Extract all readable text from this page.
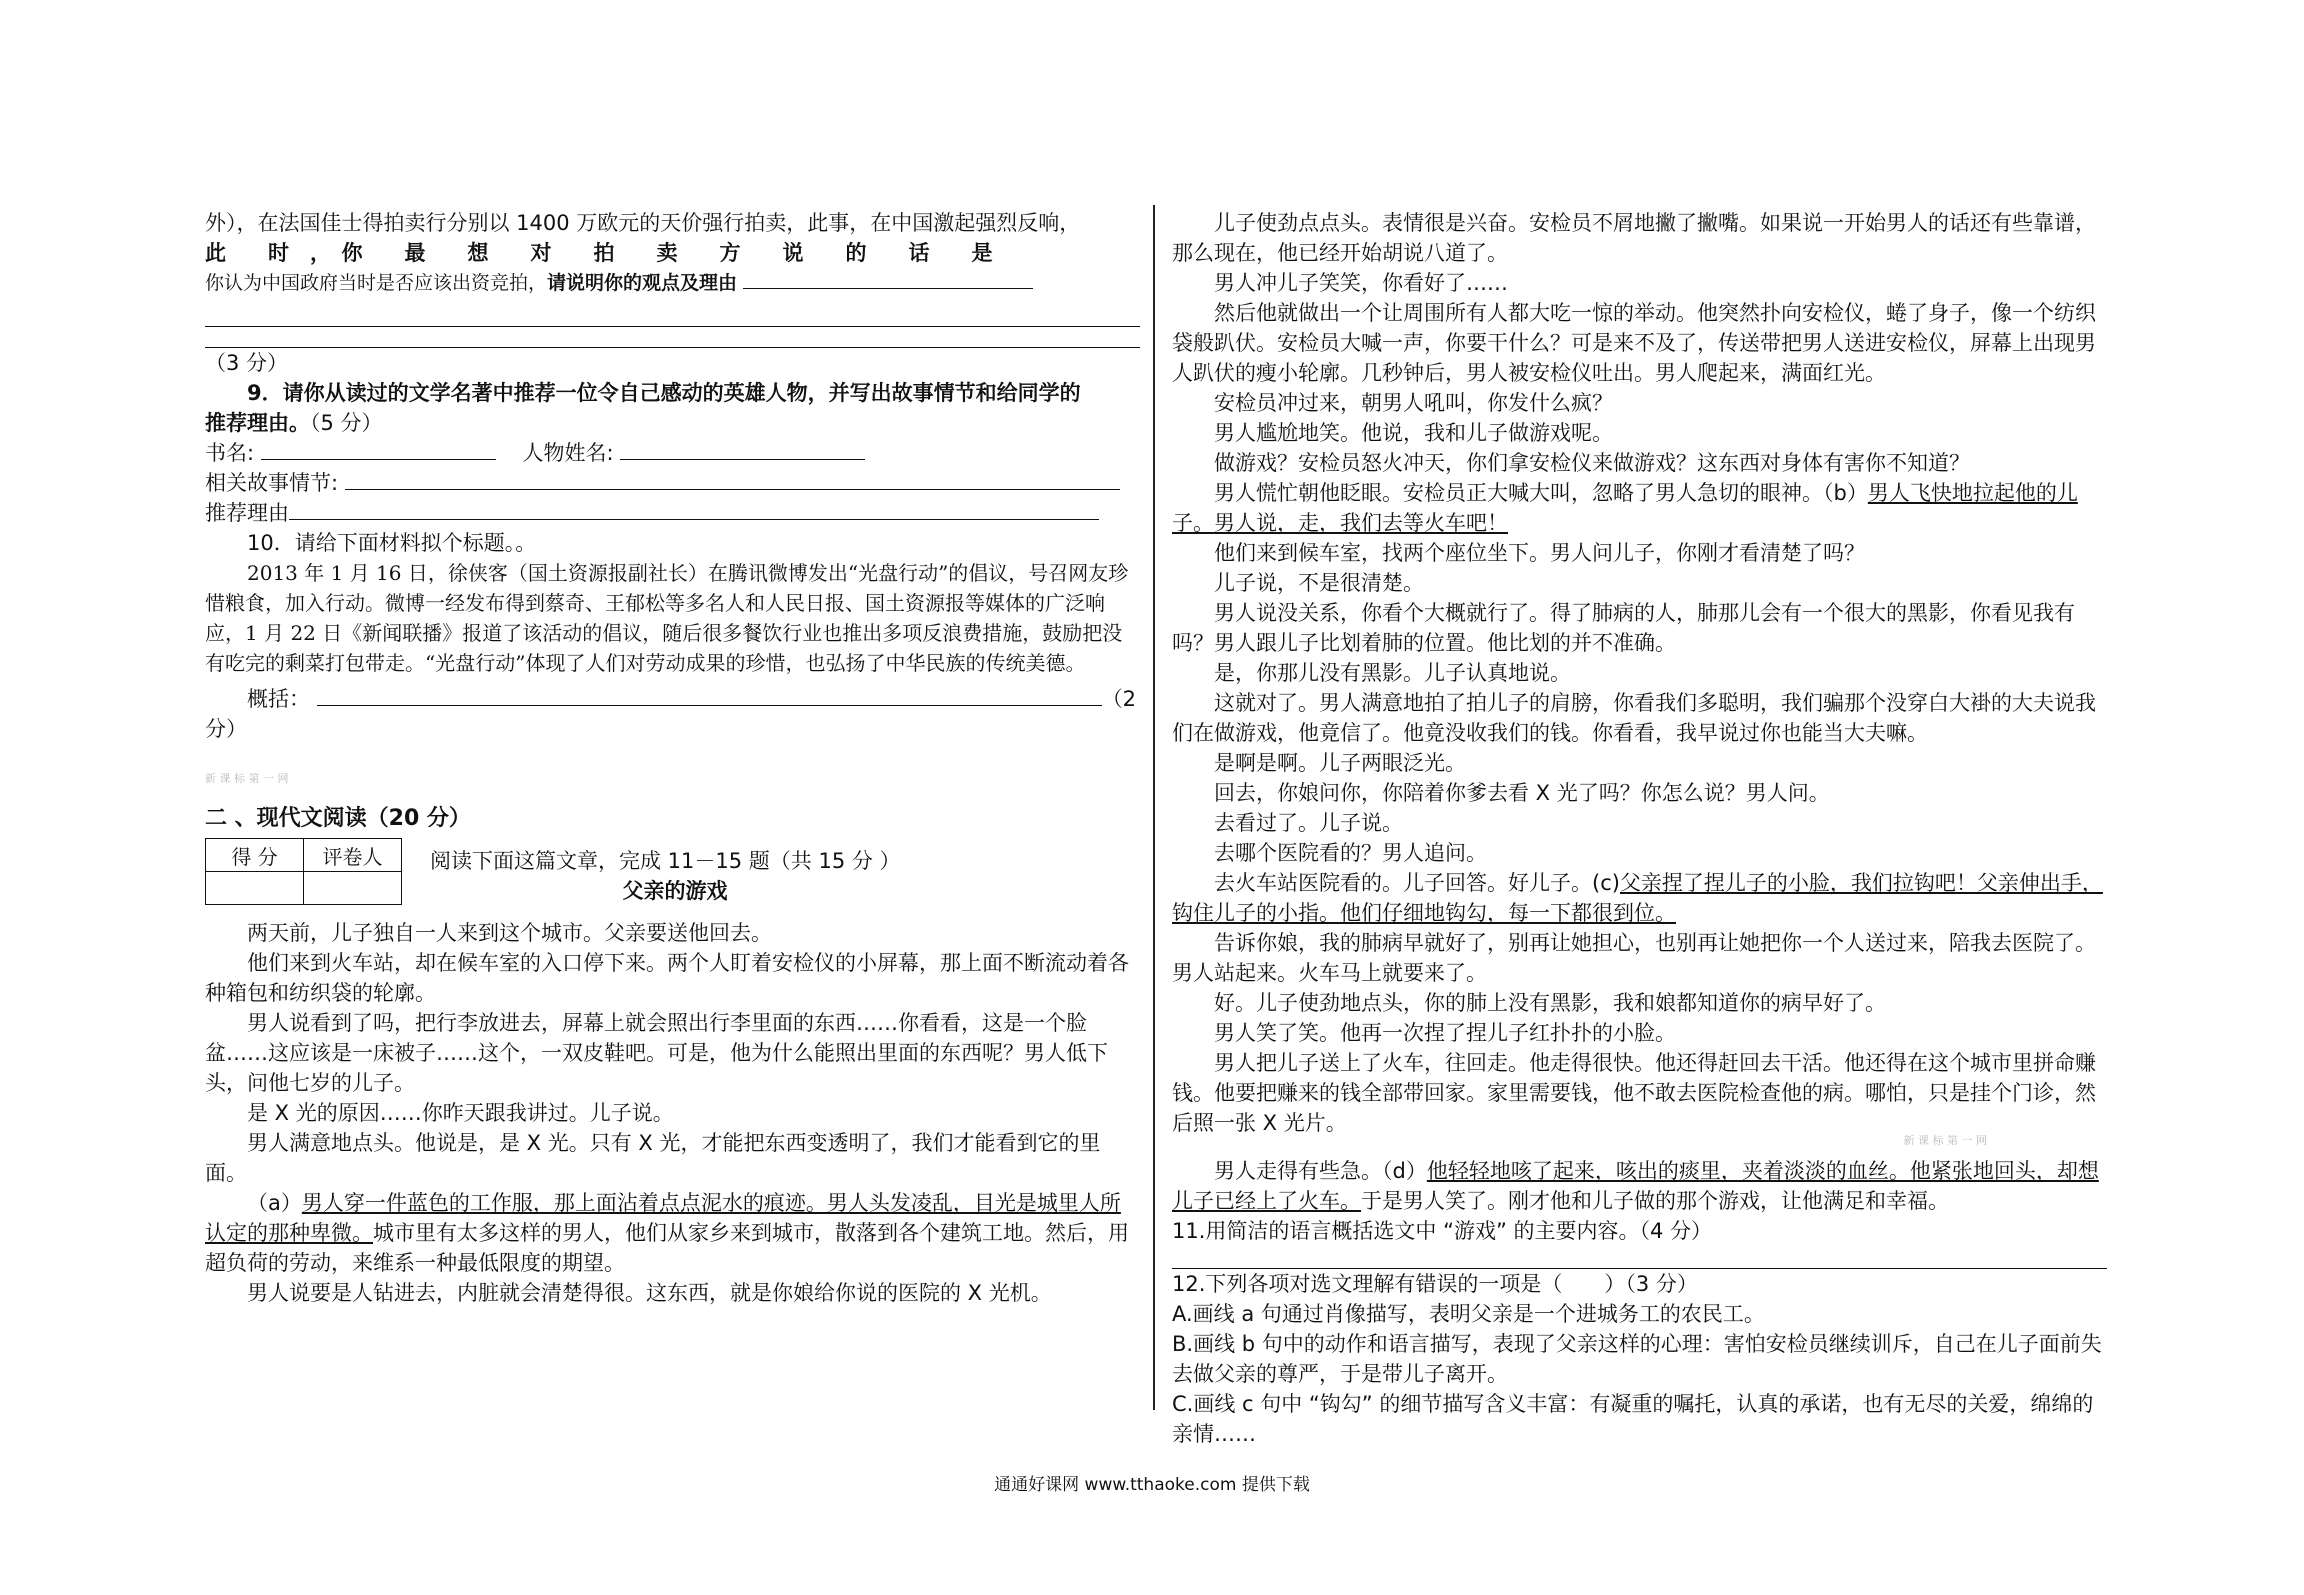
外），在法国佳士得拍卖行分别以 1400 万欧元的天价强行拍卖，此事，在中国激起强烈反响，

此　　时　，　你　　最　　想　　对　　拍　　卖　　方　　说　　的　　话　　是

你认为中国政府当时是否应该出资竞拍，请说明你的观点及理由

（3 分）

9．请你从读过的文学名著中推荐一位令自己感动的英雄人物，并写出故事情节和给同学的

推荐理由。（5 分）

书名:	人物姓名:

相关故事情节:

推荐理由

10．请给下面材料拟个标题。。

2013 年 1 月 16 日，徐侠客（国土资源报副社长）在腾讯微博发出“光盘行动”的倡议，号召网友珍惜粮食，加入行动。微博一经发布得到蔡奇、王郁松等多名人和人民日报、国土资源报等媒体的广泛响应，1 月 22 日《新闻联播》报道了该活动的倡议，随后很多餐饮行业也推出多项反浪费措施，鼓励把没有吃完的剩菜打包带走。“光盘行动”体现了人们对劳动成果的珍惜，也弘扬了中华民族的传统美德。

概括：	（2

分）

新 课 标 第 一 网

二 、现代文阅读（20 分）

得 分	评卷人
	阅读下面这篇文章，完成 11－15 题（共 15 分 ）

父亲的游戏

两天前，儿子独自一人来到这个城市。父亲要送他回去。

他们来到火车站，却在候车室的入口停下来。两个人盯着安检仪的小屏幕，那上面不断流动着各种箱包和纺织袋的轮廓。

男人说看到了吗，把行李放进去，屏幕上就会照出行李里面的东西……你看看，这是一个脸盆……这应该是一床被子……这个，一双皮鞋吧。可是，他为什么能照出里面的东西呢？男人低下头，问他七岁的儿子。

是 X 光的原因……你昨天跟我讲过。儿子说。

男人满意地点头。他说是，是 X 光。只有 X 光，才能把东西变透明了，我们才能看到它的里面。

（a）男人穿一件蓝色的工作服，那上面沾着点点泥水的痕迹。男人头发凌乱，目光是城里人所认定的那种卑微。城市里有太多这样的男人，他们从家乡来到城市，散落到各个建筑工地。然后，用超负荷的劳动，来维系一种最低限度的期望。

男人说要是人钻进去，内脏就会清楚得很。这东西，就是你娘给你说的医院的 X 光机。

儿子使劲点点头。表情很是兴奋。安检员不屑地撇了撇嘴。如果说一开始男人的话还有些靠谱，那么现在，他已经开始胡说八道了。

男人冲儿子笑笑，你看好了……

然后他就做出一个让周围所有人都大吃一惊的举动。他突然扑向安检仪，蜷了身子，像一个纺织袋般趴伏。安检员大喊一声，你要干什么？可是来不及了，传送带把男人送进安检仪，屏幕上出现男人趴伏的瘦小轮廓。几秒钟后，男人被安检仪吐出。男人爬起来，满面红光。

安检员冲过来，朝男人吼叫，你发什么疯？

男人尴尬地笑。他说，我和儿子做游戏呢。

做游戏？安检员怒火冲天，你们拿安检仪来做游戏？这东西对身体有害你不知道？

男人慌忙朝他眨眼。安检员正大喊大叫，忽略了男人急切的眼神。（b）男人飞快地拉起他的儿子。男人说，走，我们去等火车吧！

他们来到候车室，找两个座位坐下。男人问儿子，你刚才看清楚了吗？

儿子说，不是很清楚。

男人说没关系，你看个大概就行了。得了肺病的人，肺那儿会有一个很大的黑影，你看见我有吗？男人跟儿子比划着肺的位置。他比划的并不准确。

是，你那儿没有黑影。儿子认真地说。

这就对了。男人满意地拍了拍儿子的肩膀，你看我们多聪明，我们骗那个没穿白大褂的大夫说我们在做游戏，他竟信了。他竟没收我们的钱。你看看，我早说过你也能当大夫嘛。

是啊是啊。儿子两眼泛光。

回去，你娘问你，你陪着你爹去看 X 光了吗？你怎么说？男人问。

去看过了。儿子说。

去哪个医院看的？男人追问。

去火车站医院看的。儿子回答。好儿子。(c)父亲捏了捏儿子的小脸，我们拉钩吧！父亲伸出手，钩住儿子的小指。他们仔细地钩勾，每一下都很到位。

告诉你娘，我的肺病早就好了，别再让她担心，也别再让她把你一个人送过来，陪我去医院了。男人站起来。火车马上就要来了。

好。儿子使劲地点头，你的肺上没有黑影，我和娘都知道你的病早好了。

男人笑了笑。他再一次捏了捏儿子红扑扑的小脸。

男人把儿子送上了火车，往回走。他走得很快。他还得赶回去干活。他还得在这个城市里拼命赚钱。他要把赚来的钱全部带回家。家里需要钱，他不敢去医院检查他的病。哪怕，只是挂个门诊，然后照一张 X 光片。

新 课 标 第 一 网

男人走得有些急。（d）他轻轻地咳了起来，咳出的痰里，夹着淡淡的血丝。他紧张地回头，却想儿子已经上了火车。于是男人笑了。刚才他和儿子做的那个游戏，让他满足和幸福。

11.用简洁的语言概括选文中 “游戏” 的主要内容。（4 分）

12.下列各项对选文理解有错误的一项是（　　）（3 分）

A.画线 a 句通过肖像描写，表明父亲是一个进城务工的农民工。

B.画线 b 句中的动作和语言描写，表现了父亲这样的心理：害怕安检员继续训斥，自己在儿子面前失去做父亲的尊严，于是带儿子离开。

C.画线 c 句中 “钩勾” 的细节描写含义丰富：有凝重的嘱托，认真的承诺，也有无尽的关爱，绵绵的亲情……

通通好课网 www.tthaoke.com 提供下载
